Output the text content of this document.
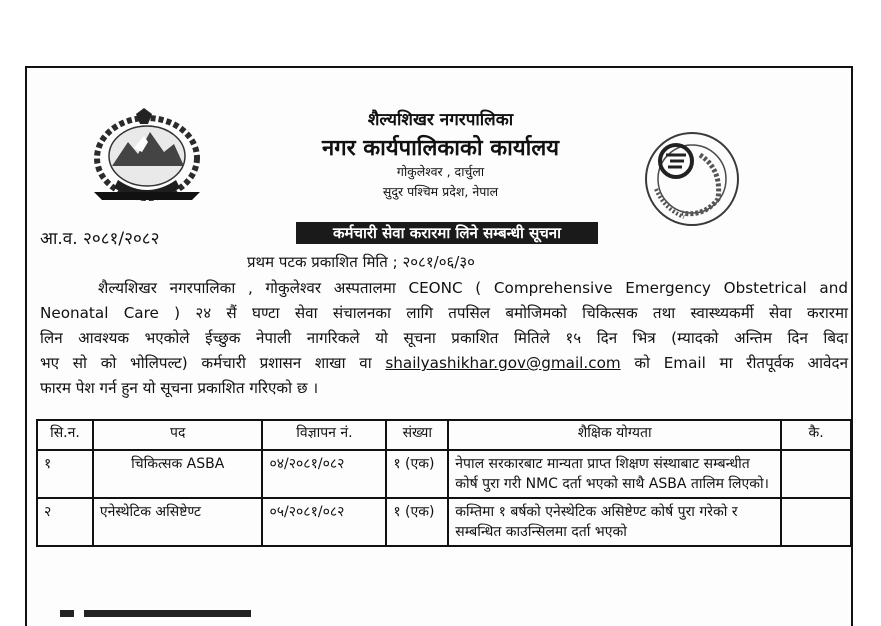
शैल्यशिखर नगरपालिका
नगर कार्यपालिकाको कार्यालय
गोकुलेश्वर , दार्चुला
सुदुर पश्चिम प्रदेश, नेपाल
आ.व. २०८१/२०८२	कर्मचारी सेवा करारमा लिने सम्बन्धी सूचना
प्रथम पटक प्रकाशित मिति ; २०८१/०६/३०
शैल्यशिखर नगरपालिका , गोकुलेश्वर अस्पतालमा CEONC ( Comprehensive Emergency Obstetrical and
Neonatal Care ) २४ सैं घण्टा सेवा संचालनका लागि तपसिल बमोजिमको चिकित्सक तथा स्वास्थ्यकर्मी सेवा करारमा
लिन आवश्यक भएकोले ईच्छुक नेपाली नागरिकले यो सूचना प्रकाशित मितिले १५ दिन भित्र (म्यादको अन्तिम दिन बिदा
भए सो को भोलिपल्ट) कर्मचारी प्रशासन शाखा वा shailyashikhar.gov@gmail.com को Email मा रीतपूर्वक आवेदन
फारम पेश गर्न हुन यो सूचना प्रकाशित गरिएको छ ।
सि.न.	पद	विज्ञापन नं.	संख्या	शैक्षिक योग्यता	कै.
१	चिकित्सक ASBA	०४/२०८१/०८२	१ (एक)	नेपाल सरकारबाट मान्यता प्राप्त शिक्षण संस्थाबाट सम्बन्धीत कोर्ष पुरा गरी NMC दर्ता भएको साथै ASBA तालिम लिएको।	
२	एनेस्थेटिक असिष्टेण्ट	०५/२०८१/०८२	१ (एक)	कम्तिमा १ बर्षको एनेस्थेटिक असिष्टेण्ट कोर्ष पुरा गरेको र सम्बन्धित काउन्सिलमा दर्ता भएको	
